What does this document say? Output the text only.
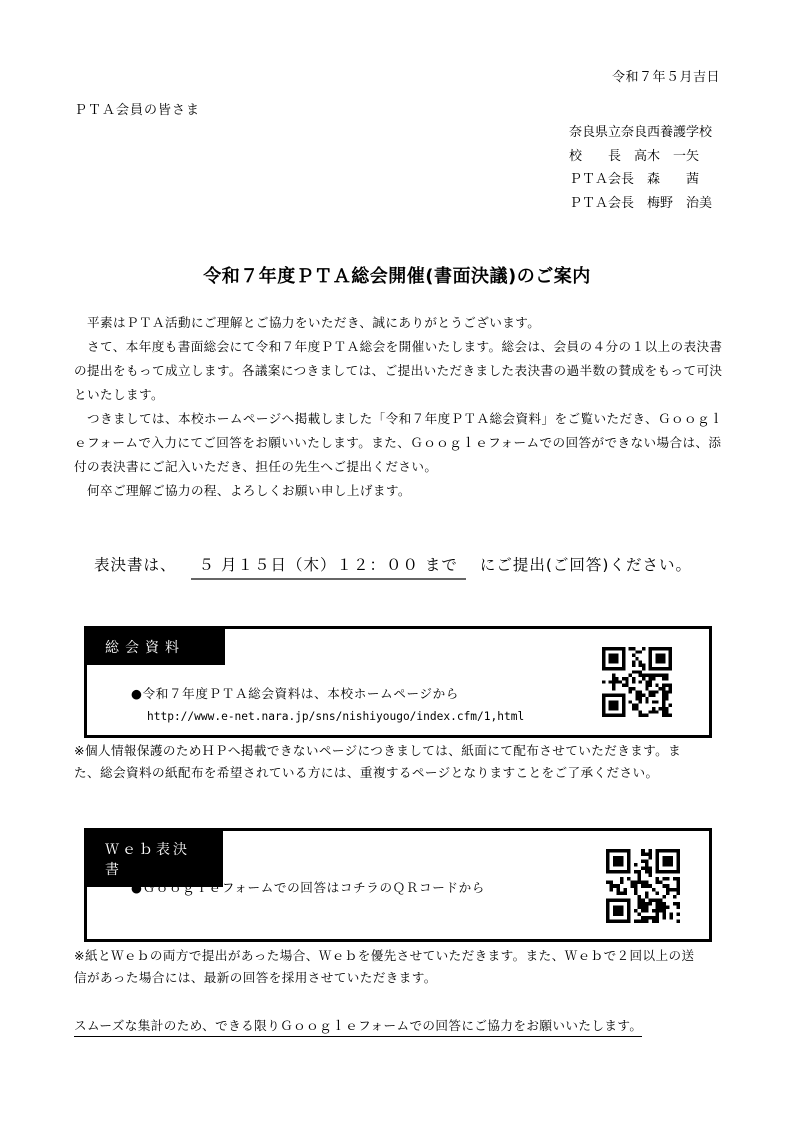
令和７年５月吉日
ＰＴＡ会員の皆さま
奈良県立奈良西養護学校
校　　長　高木　一矢
ＰＴＡ会長　森　　茜
ＰＴＡ会長　梅野　治美
令和７年度ＰＴＡ総会開催(書面決議)のご案内

　平素はＰＴＡ活動にご理解とご協力をいただき、誠にありがとうございます。

　さて、本年度も書面総会にて令和７年度ＰＴＡ総会を開催いたします。総会は、会員の４分の１以上の表決書の提出をもって成立します。各議案につきましては、ご提出いただきました表決書の過半数の賛成をもって可決といたします。

　つきましては、本校ホームページへ掲載しました「令和７年度ＰＴＡ総会資料」をご覧いただき、Ｇｏｏｇｌｅフォームで入力にてご回答をお願いいたします。また、Ｇｏｏｇｌｅフォームでの回答ができない場合は、添付の表決書にご記入いただき、担任の先生へご提出ください。

　何卒ご理解ご協力の程、よろしくお願い申し上げます。

表決書は、 ５ 月１５日（木）１２：００ まで にご提出(ご回答)ください。
総会資料
●令和７年度ＰＴＡ総会資料は、本校ホームページから
http://www.e-net.nara.jp/sns/nishiyougo/index.cfm/1,html
※個人情報保護のためＨＰへ掲載できないページにつきましては、紙面にて配布させていただきます。また、総会資料の紙配布を希望されている方には、重複するページとなりますことをご了承ください。
Ｗｅｂ表決書
●Ｇｏｏｇｌｅフォームでの回答はコチラのＱＲコードから
※紙とＷｅｂの両方で提出があった場合、Ｗｅｂを優先させていただきます。また、Ｗｅｂで２回以上の送信があった場合には、最新の回答を採用させていただきます。
スムーズな集計のため、できる限りＧｏｏｇｌｅフォームでの回答にご協力をお願いいたします。
